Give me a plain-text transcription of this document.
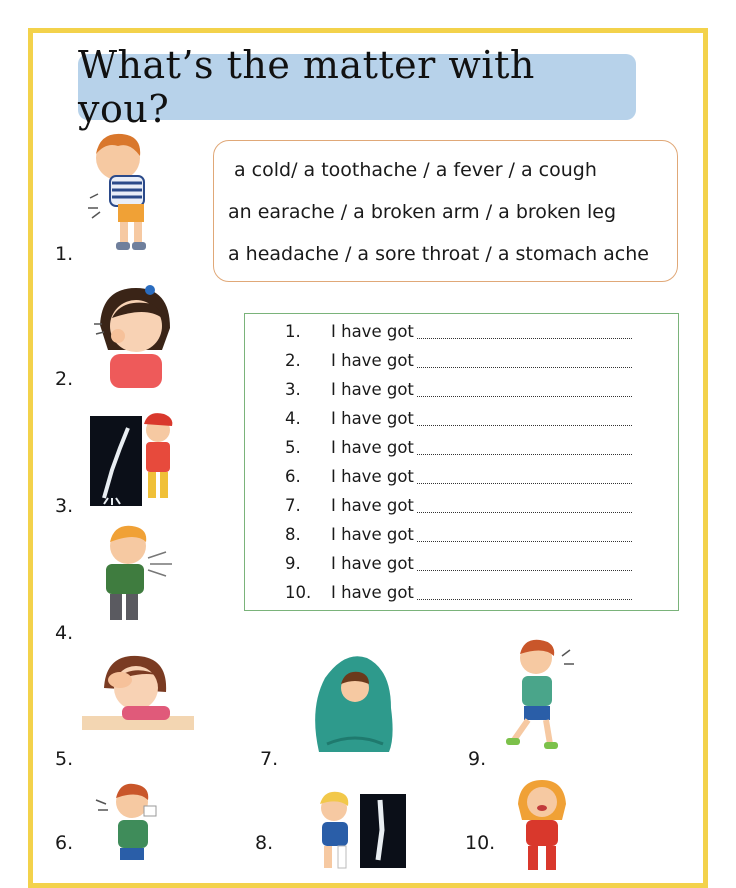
What’s the matter with you?
a cold/ a toothache / a fever / a cough
an earache / a broken arm / a broken leg
a headache / a sore throat / a stomach ache
1.	I have got
2.	I have got
3.	I have got
4.	I have got
5.	I have got
6.	I have got
7.	I have got
8.	I have got
9.	I have got
10. I have got
1.
2.
3.
4.
5.
6.
7.
8.
9.
10.
